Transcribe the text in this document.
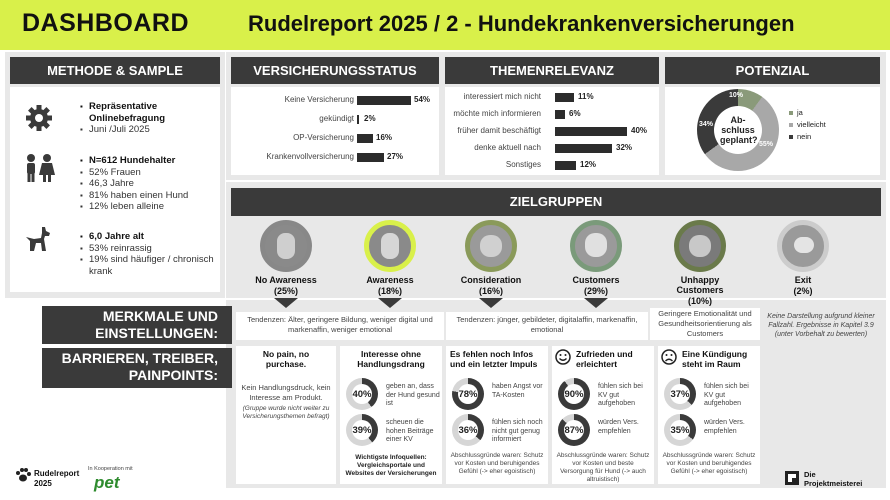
DASHBOARD	Rudelreport 2025 / 2 - Hundekrankenversicherungen
METHODE & SAMPLE
▪ Repräsentative Onlinebefragung
▪ Juni /Juli 2025
▪ N=612 Hundehalter
▪ 52% Frauen
▪ 46,3 Jahre
▪ 81% haben einen Hund
▪ 12% leben alleine
▪ 6,0 Jahre alt
▪ 53% reinrassig
▪ 19% sind häufiger / chronisch krank
VERSICHERUNGSSTATUS
Keine Versicherung	54%
gekündigt 2%
OP-Versicherung	16%
Krankenvollversicherung	27%
THEMENRELEVANZ
interessiert mich nicht	11%
möchte mich informieren	6%
früher damit beschäftigt	40%
denke aktuell nach	32%
Sonstiges	12%
POTENZIAL
Ab-schluss geplant?
10%
55%
34%
ja
vielleicht
nein
ZIELGRUPPEN
No Awareness
(25%)
Awareness
(18%)
Consideration
(16%)
Customers
(29%)
Unhappy Customers
(10%)
Exit
(2%)
MERKMALE UND EINSTELLUNGEN:
Tendenzen: Älter, geringere Bildung, weniger digital und markenaffin, weniger emotional
Tendenzen: jünger, gebildeter, digitalaffin, markenaffin, emotional
Geringere Emotionalität und Gesundheitsorientierung als Customers
Keine Darstellung aufgrund kleiner Fallzahl. Ergebnisse in Kapitel 3.9 (unter Vorbehalt zu bewerten)
BARRIEREN, TREIBER, PAINPOINTS:
No pain, no purchase.
Kein Handlungsdruck, kein Interesse am Produkt.
(Gruppe wurde nicht weiter zu Versicherungsthemen befragt)
Interesse ohne Handlungsdrang
40%
geben an, dass der Hund gesund ist
39%
scheuen die hohen Beiträge einer KV
Wichtigste Infoquellen: Vergleichsportale und Websites der Versicherungen
Es fehlen noch Infos und ein letzter Impuls
78%
haben Angst vor TA-Kosten
36%
fühlen sich noch nicht gut genug informiert
Abschlussgründe waren: Schutz vor Kosten und beruhigendes Gefühl (-> eher egoistisch)
Zufrieden und erleichtert
90%
fühlen sich bei KV gut aufgehoben
87%
würden Vers. empfehlen
Abschlussgründe waren: Schutz vor Kosten und beste Versorgung für Hund (-> auch altruistisch)
Eine Kündigung steht im Raum
37%
fühlen sich bei KV gut aufgehoben
35%
würden Vers. empfehlen
Abschlussgründe waren: Schutz vor Kosten und beruhigendes Gefühl (-> eher egoistisch)
Rudelreport
2025
In Kooperation mit
pet	Die
Projektmeisterei
